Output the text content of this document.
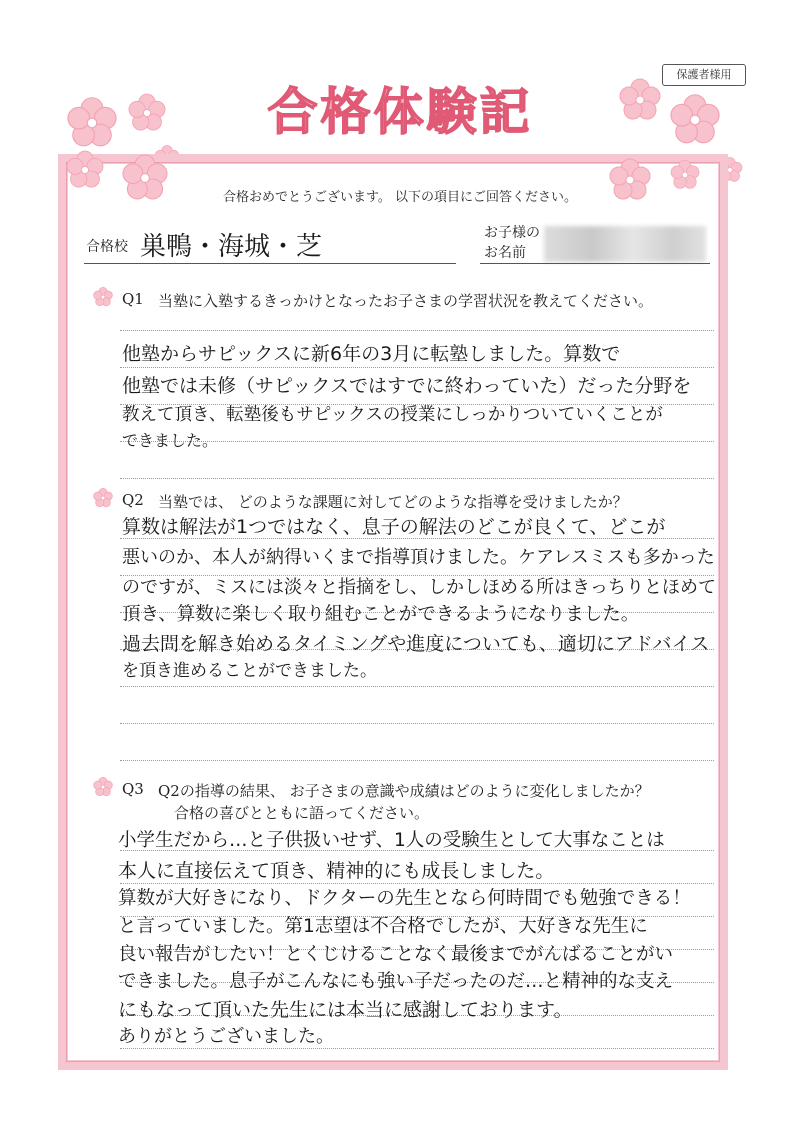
保護者様用
合格体験記
合格おめでとうございます。 以下の項目にご回答ください。
合格校 巣鴨・海城・芝	お子様の
お名前
Q1 当塾に入塾するきっかけとなったお子さまの学習状況を教えてください。
他塾からサピックスに新6年の3月に転塾しました。算数で
他塾では未修（サピックスではすでに終わっていた）だった分野を
教えて頂き、転塾後もサピックスの授業にしっかりついていくことが
できました。
Q2 当塾では、 どのような課題に対してどのような指導を受けましたか？
算数は解法が1つではなく、息子の解法のどこが良くて、どこが
悪いのか、本人が納得いくまで指導頂けました。ケアレスミスも多かった
のですが、ミスには淡々と指摘をし、しかしほめる所はきっちりとほめて
頂き、算数に楽しく取り組むことができるようになりました。
過去問を解き始めるタイミングや進度についても、適切にアドバイス
を頂き進めることができました。
Q3 Q2の指導の結果、 お子さまの意識や成績はどのように変化しましたか？
合格の喜びとともに語ってください。
小学生だから…と子供扱いせず、1人の受験生として大事なことは
本人に直接伝えて頂き、精神的にも成長しました。
算数が大好きになり、ドクターの先生となら何時間でも勉強できる！
と言っていました。第1志望は不合格でしたが、大好きな先生に
良い報告がしたい！とくじけることなく最後までがんばることがい
できました。息子がこんなにも強い子だったのだ…と精神的な支え
にもなって頂いた先生には本当に感謝しております。
ありがとうございました。
